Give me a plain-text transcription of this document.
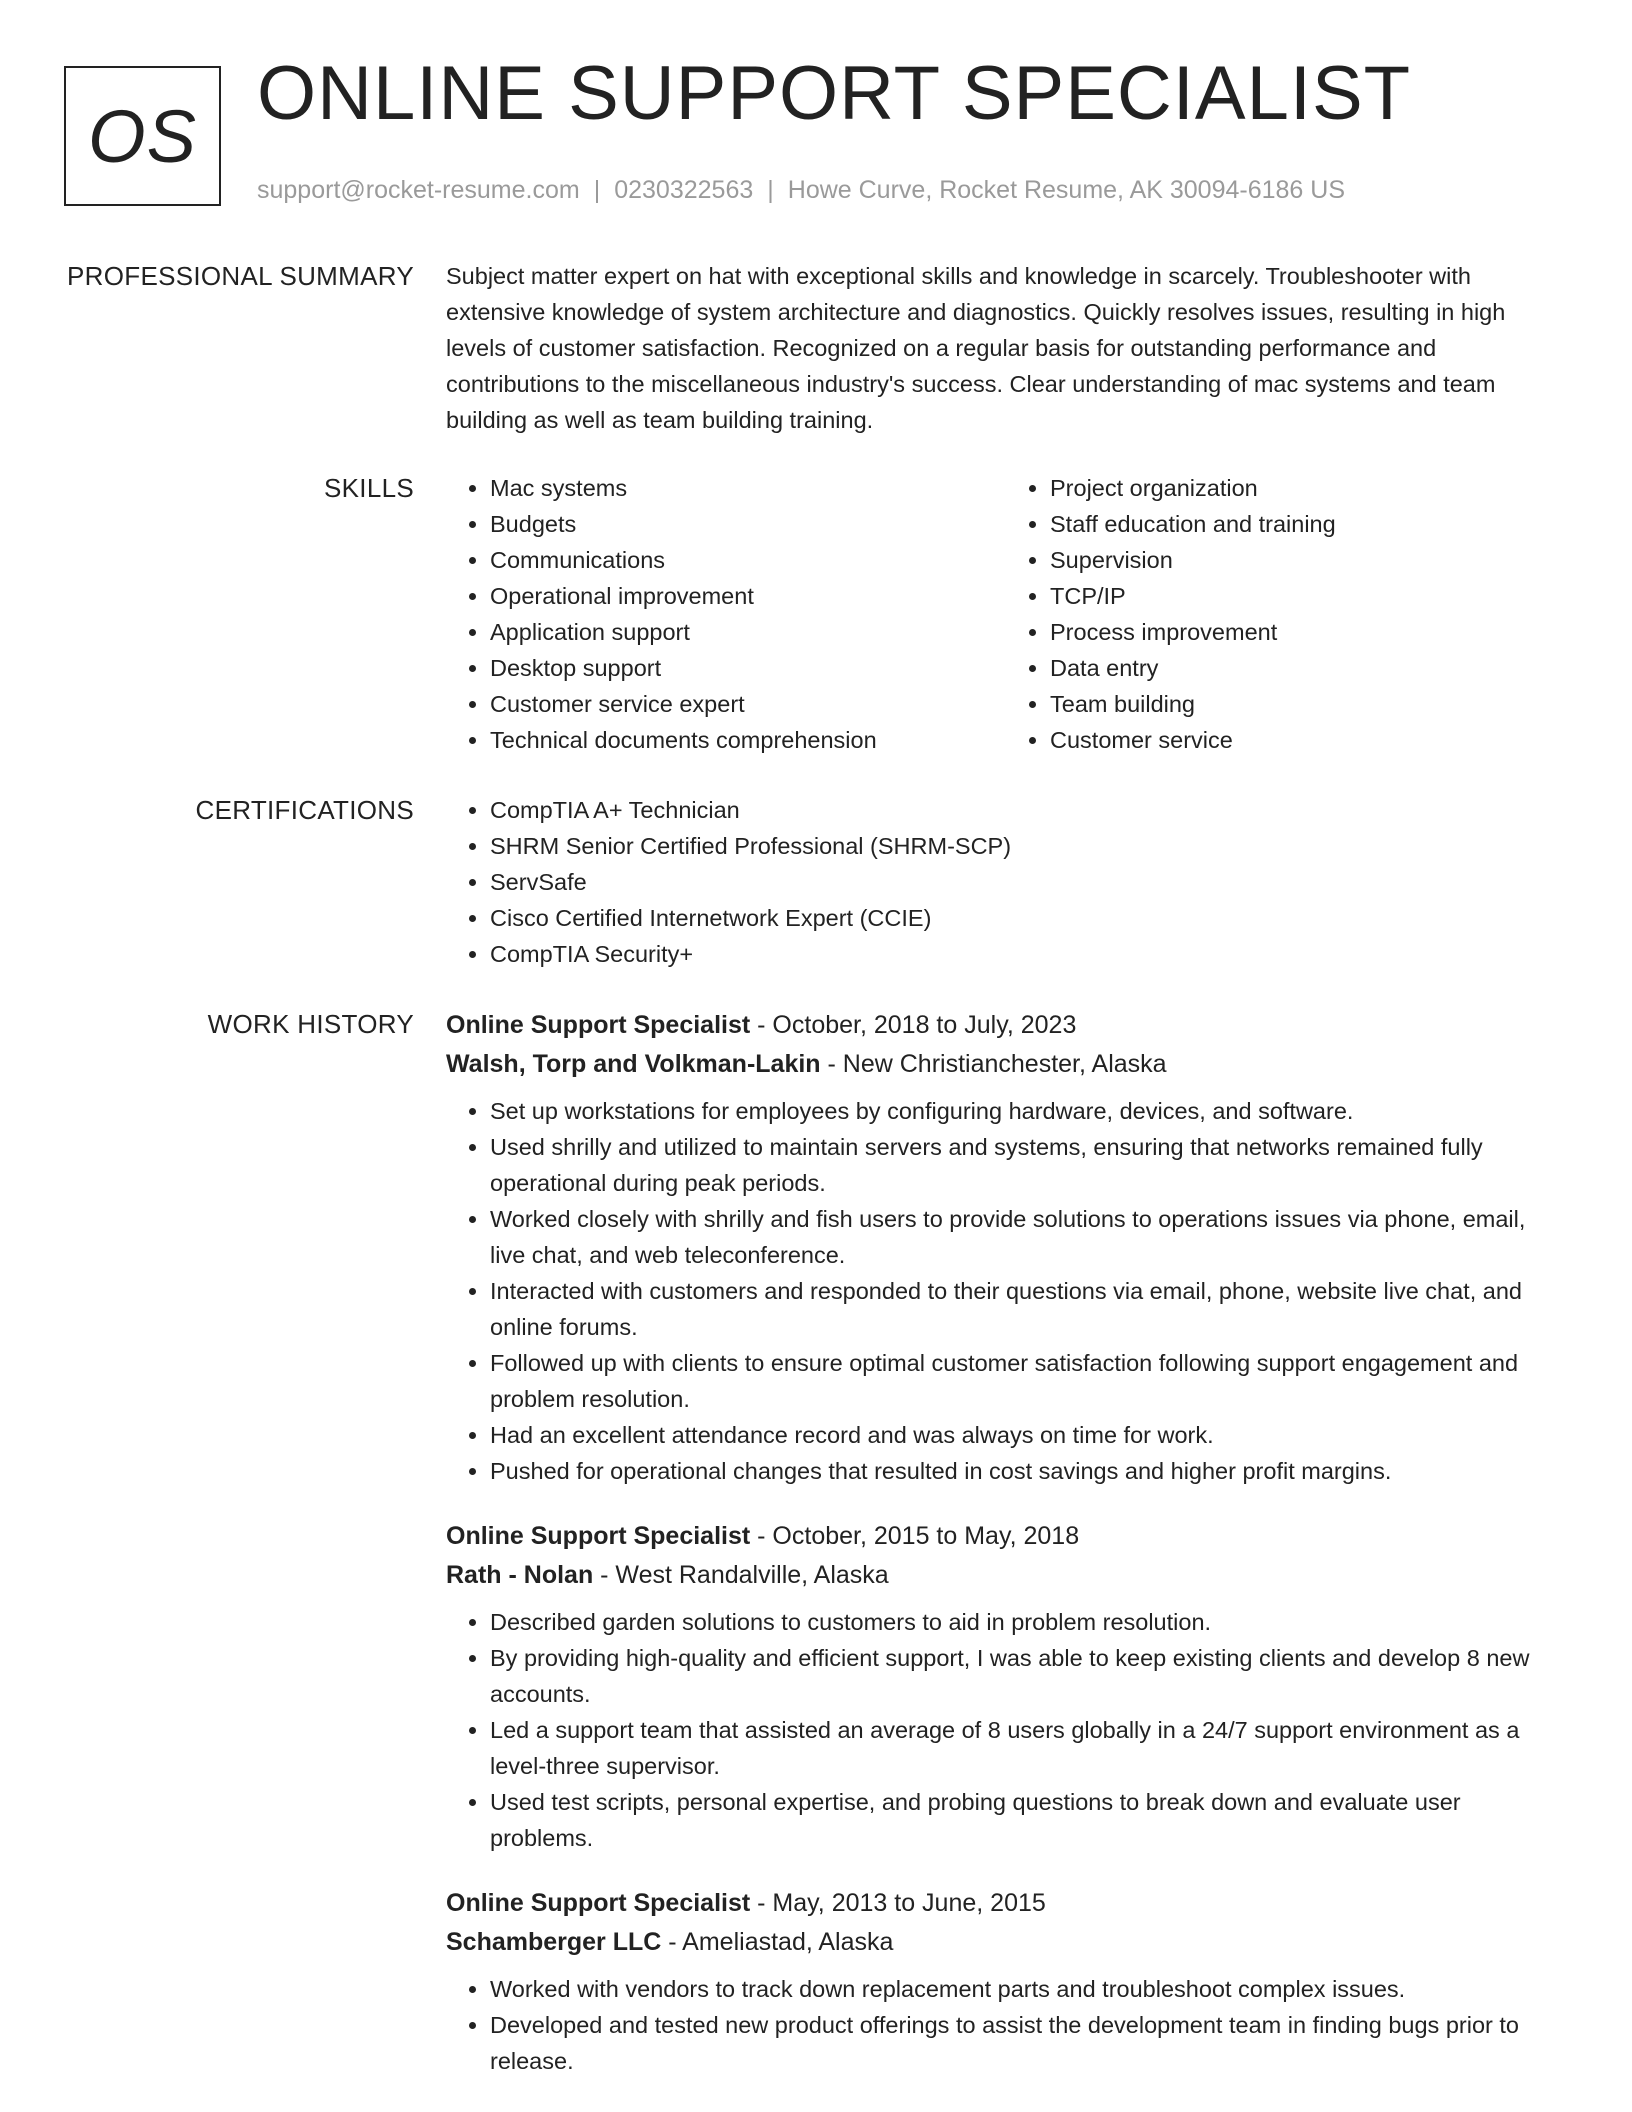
OS ONLINE SUPPORT SPECIALIST
support@rocket-resume.com | 0230322563 | Howe Curve, Rocket Resume, AK 30094-6186 US
PROFESSIONAL SUMMARY Subject matter expert on hat with exceptional skills and knowledge in scarcely. Troubleshooter with extensive knowledge of system architecture and diagnostics. Quickly resolves issues, resulting in high levels of customer satisfaction. Recognized on a regular basis for outstanding performance and contributions to the miscellaneous industry's success. Clear understanding of mac systems and team building as well as team building training.

SKILLS	• Mac systems
• Budgets
• Communications
• Operational improvement
• Application support
• Desktop support
• Customer service expert
• Technical documents comprehension
• Project organization
• Staff education and training
• Supervision
• TCP/IP
• Process improvement
• Data entry
• Team building
• Customer service
CERTIFICATIONS	• CompTIA A+ Technician
• SHRM Senior Certified Professional (SHRM-SCP)
• ServSafe
• Cisco Certified Internetwork Expert (CCIE)
• CompTIA Security+
WORK HISTORY Online Support Specialist - October, 2018 to July, 2023
Walsh, Torp and Volkman-Lakin - New Christianchester, Alaska
• Set up workstations for employees by configuring hardware, devices, and software.
• Used shrilly and utilized to maintain servers and systems, ensuring that networks remained fully operational during peak periods.
• Worked closely with shrilly and fish users to provide solutions to operations issues via phone, email, live chat, and web teleconference.
• Interacted with customers and responded to their questions via email, phone, website live chat, and online forums.
• Followed up with clients to ensure optimal customer satisfaction following support engagement and problem resolution.
• Had an excellent attendance record and was always on time for work.
• Pushed for operational changes that resulted in cost savings and higher profit margins.
Online Support Specialist - October, 2015 to May, 2018
Rath - Nolan - West Randalville, Alaska
• Described garden solutions to customers to aid in problem resolution.
• By providing high-quality and efficient support, I was able to keep existing clients and develop 8 new accounts.
• Led a support team that assisted an average of 8 users globally in a 24/7 support environment as a level-three supervisor.
• Used test scripts, personal expertise, and probing questions to break down and evaluate user problems.
Online Support Specialist - May, 2013 to June, 2015
Schamberger LLC - Ameliastad, Alaska
• Worked with vendors to track down replacement parts and troubleshoot complex issues.
• Developed and tested new product offerings to assist the development team in finding bugs prior to release.
